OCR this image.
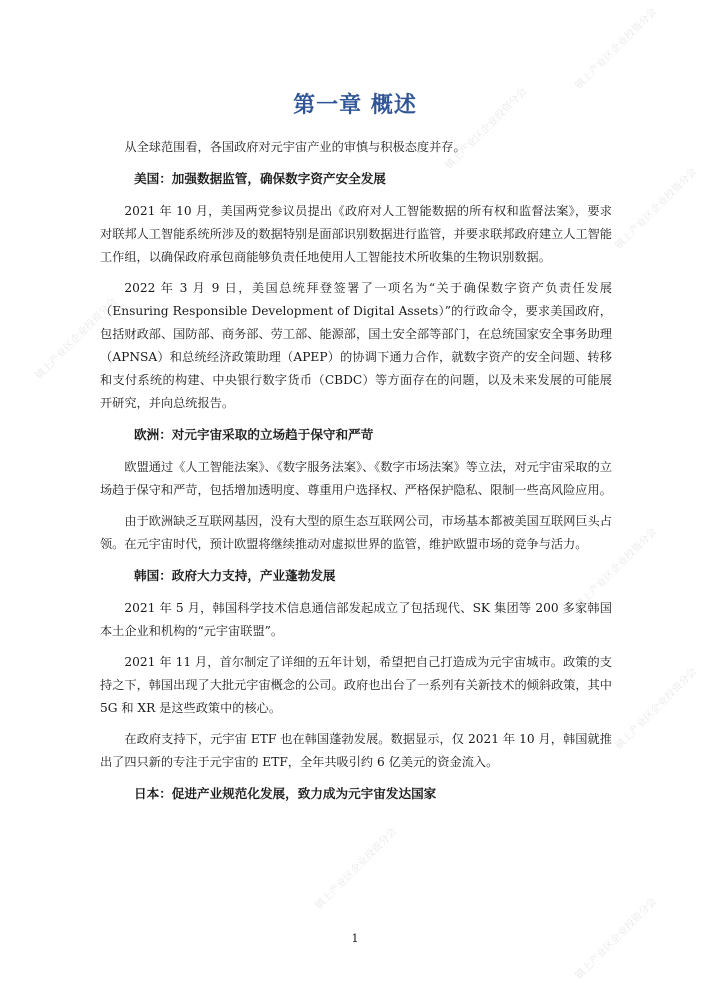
镇上产业区企业投资分会
镇上产业区企业投资分会
镇上产业区企业投资分会
镇上产业区企业投资分会
镇上产业区企业投资分会
镇上产业区企业投资分会
镇上产业区企业投资分会
镇上产业区企业投资分会
第一章 概述

从全球范围看，各国政府对元宇宙产业的审慎与积极态度并存。

美国：加强数据监管，确保数字资产安全发展

2021 年 10 月，美国两党参议员提出《政府对人工智能数据的所有权和监督法案》，要求对联邦人工智能系统所涉及的数据特别是面部识别数据进行监管，并要求联邦政府建立人工智能工作组，以确保政府承包商能够负责任地使用人工智能技术所收集的生物识别数据。

2022 年 3 月 9 日，美国总统拜登签署了一项名为“关于确保数字资产负责任发展（Ensuring Responsible Development of Digital Assets）”的行政命令，要求美国政府，包括财政部、国防部、商务部、劳工部、能源部，国土安全部等部门，在总统国家安全事务助理（APNSA）和总统经济政策助理（APEP）的协调下通力合作，就数字资产的安全问题、转移和支付系统的构建、中央银行数字货币（CBDC）等方面存在的问题，以及未来发展的可能展开研究，并向总统报告。

欧洲：对元宇宙采取的立场趋于保守和严苛

欧盟通过《人工智能法案》、《数字服务法案》、《数字市场法案》等立法，对元宇宙采取的立场趋于保守和严苛，包括增加透明度、尊重用户选择权、严格保护隐私、限制一些高风险应用。

由于欧洲缺乏互联网基因，没有大型的原生态互联网公司，市场基本都被美国互联网巨头占领。在元宇宙时代，预计欧盟将继续推动对虚拟世界的监管，维护欧盟市场的竞争与活力。

韩国：政府大力支持，产业蓬勃发展

2021 年 5 月，韩国科学技术信息通信部发起成立了包括现代、SK 集团等 200 多家韩国本土企业和机构的“元宇宙联盟”。

2021 年 11 月，首尔制定了详细的五年计划，希望把自己打造成为元宇宙城市。政策的支持之下，韩国出现了大批元宇宙概念的公司。政府也出台了一系列有关新技术的倾斜政策，其中 5G 和 XR 是这些政策中的核心。

在政府支持下，元宇宙 ETF 也在韩国蓬勃发展。数据显示，仅 2021 年 10 月，韩国就推出了四只新的专注于元宇宙的 ETF，全年共吸引约 6 亿美元的资金流入。

日本：促进产业规范化发展，致力成为元宇宙发达国家
1
